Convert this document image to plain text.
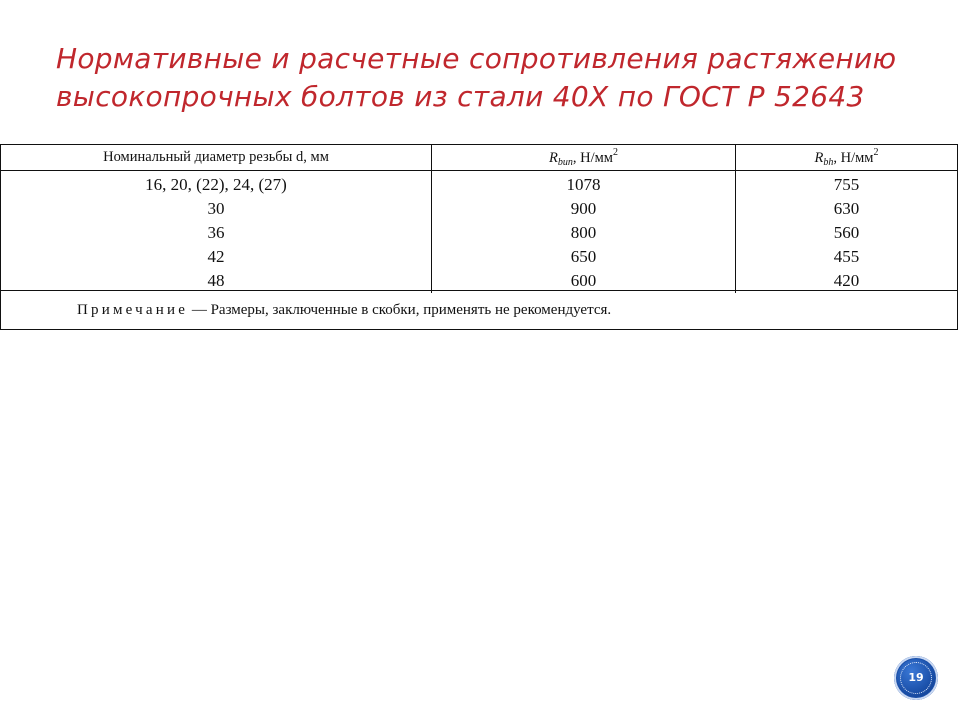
Нормативные и расчетные сопротивления растяжению высокопрочных болтов из стали 40Х по ГОСТ Р 52643
Номинальный диаметр резьбы d, мм	$R_{bun}$, $Н/мм^2$	$R_{bh}$, $Н/мм^2$
16, 20, (22), 24, (27)	1078	755
30	900	630
36	800	560
42	650	455
48	600	420
Примечание — Размеры, заключенные в скобки, применять не рекомендуется.
19
